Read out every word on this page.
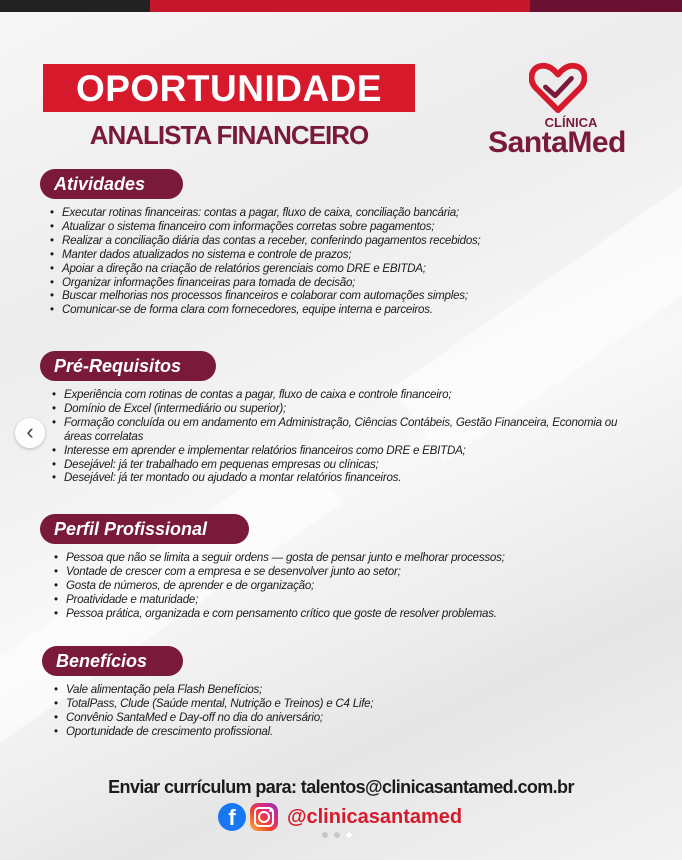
OPORTUNIDADE
ANALISTA FINANCEIRO	CLÍNICA
SantaMed
Atividades
• Executar rotinas financeiras: contas a pagar, fluxo de caixa, conciliação bancária;
• Atualizar o sistema financeiro com informações corretas sobre pagamentos;
• Realizar a conciliação diária das contas a receber, conferindo pagamentos recebidos;
• Manter dados atualizados no sistema e controle de prazos;
• Apoiar a direção na criação de relatórios gerenciais como DRE e EBITDA;
• Organizar informações financeiras para tomada de decisão;
• Buscar melhorias nos processos financeiros e colaborar com automações simples;
• Comunicar-se de forma clara com fornecedores, equipe interna e parceiros.
Pré-Requisitos
• Experiência com rotinas de contas a pagar, fluxo de caixa e controle financeiro;
• Domínio de Excel (intermediário ou superior);
• Formação concluída ou em andamento em Administração, Ciências Contábeis, Gestão Financeira, Economia ou áreas correlatas
• Interesse em aprender e implementar relatórios financeiros como DRE e EBITDA;
• Desejável: já ter trabalhado em pequenas empresas ou clínicas;
• Desejável: já ter montado ou ajudado a montar relatórios financeiros.
Perfil Profissional
• Pessoa que não se limita a seguir ordens — gosta de pensar junto e melhorar processos;
• Vontade de crescer com a empresa e se desenvolver junto ao setor;
• Gosta de números, de aprender e de organização;
• Proatividade e maturidade;
• Pessoa prática, organizada e com pensamento crítico que goste de resolver problemas.
Benefícios
• Vale alimentação pela Flash Benefícios;
• TotalPass, Clude (Saúde mental, Nutrição e Treinos) e C4 Life;
• Convênio SantaMed e Day-off no dia do aniversário;
• Oportunidade de crescimento profissional.
Enviar currículum para: talentos@clinicasantamed.com.br
f	@clinicasantamed
‹
